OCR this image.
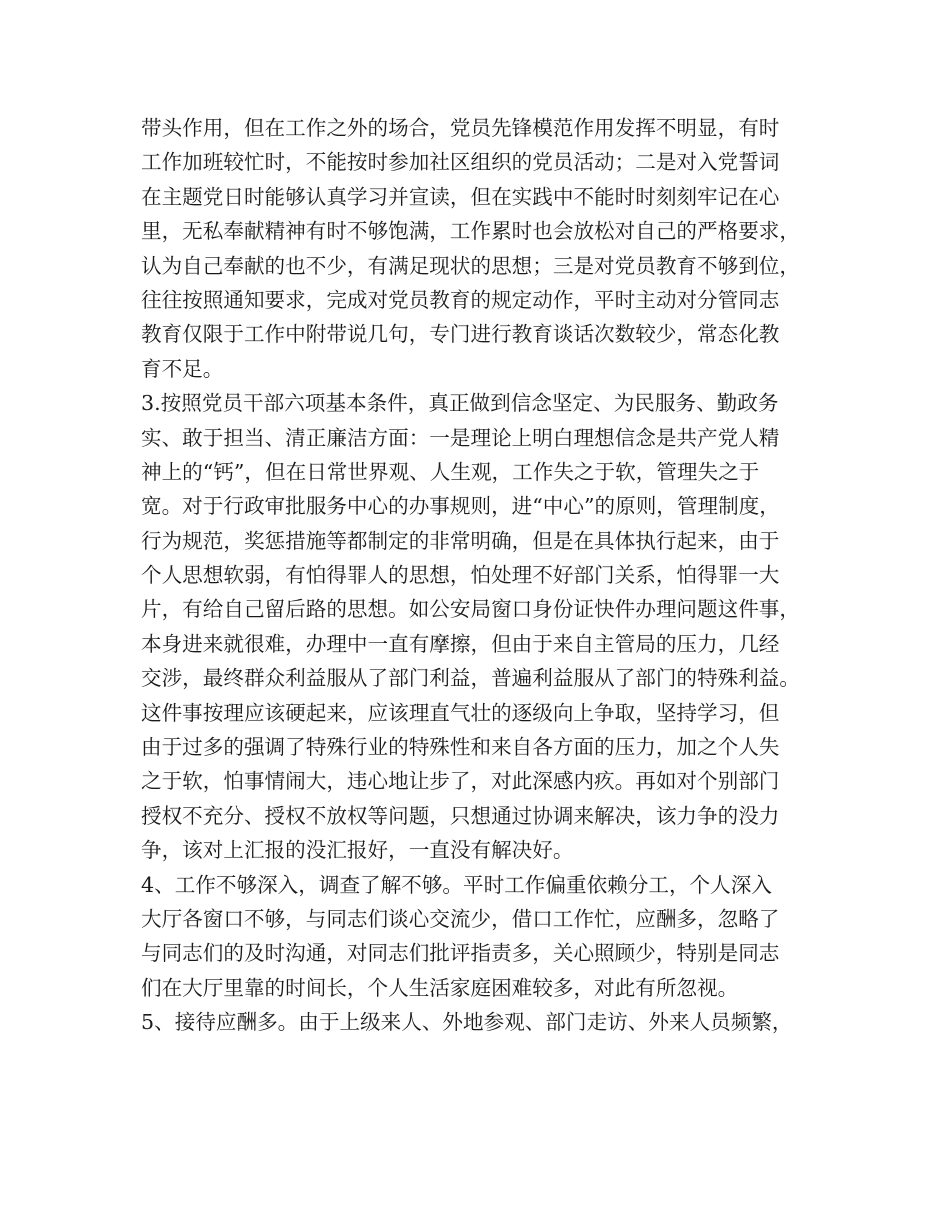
带头作用，但在工作之外的场合，党员先锋模范作用发挥不明显，有时
工作加班较忙时，不能按时参加社区组织的党员活动；二是对入党誓词
在主题党日时能够认真学习并宣读，但在实践中不能时时刻刻牢记在心
里，无私奉献精神有时不够饱满，工作累时也会放松对自己的严格要求，
认为自己奉献的也不少，有满足现状的思想；三是对党员教育不够到位，
往往按照通知要求，完成对党员教育的规定动作，平时主动对分管同志
教育仅限于工作中附带说几句，专门进行教育谈话次数较少，常态化教
育不足。
3.按照党员干部六项基本条件，真正做到信念坚定、为民服务、勤政务
实、敢于担当、清正廉洁方面：一是理论上明白理想信念是共产党人精
神上的“钙”，但在日常世界观、人生观，工作失之于软，管理失之于
宽。对于行政审批服务中心的办事规则，进“中心”的原则，管理制度，
行为规范，奖惩措施等都制定的非常明确，但是在具体执行起来，由于
个人思想软弱，有怕得罪人的思想，怕处理不好部门关系，怕得罪一大
片，有给自己留后路的思想。如公安局窗口身份证快件办理问题这件事，
本身进来就很难，办理中一直有摩擦，但由于来自主管局的压力，几经
交涉，最终群众利益服从了部门利益，普遍利益服从了部门的特殊利益。
这件事按理应该硬起来，应该理直气壮的逐级向上争取，坚持学习，但
由于过多的强调了特殊行业的特殊性和来自各方面的压力，加之个人失
之于软，怕事情闹大，违心地让步了，对此深感内疚。再如对个别部门
授权不充分、授权不放权等问题，只想通过协调来解决，该力争的没力
争，该对上汇报的没汇报好，一直没有解决好。
4、工作不够深入，调查了解不够。平时工作偏重依赖分工，个人深入
大厅各窗口不够，与同志们谈心交流少，借口工作忙，应酬多，忽略了
与同志们的及时沟通，对同志们批评指责多，关心照顾少，特别是同志
们在大厅里靠的时间长，个人生活家庭困难较多，对此有所忽视。
5、接待应酬多。由于上级来人、外地参观、部门走访、外来人员频繁，
